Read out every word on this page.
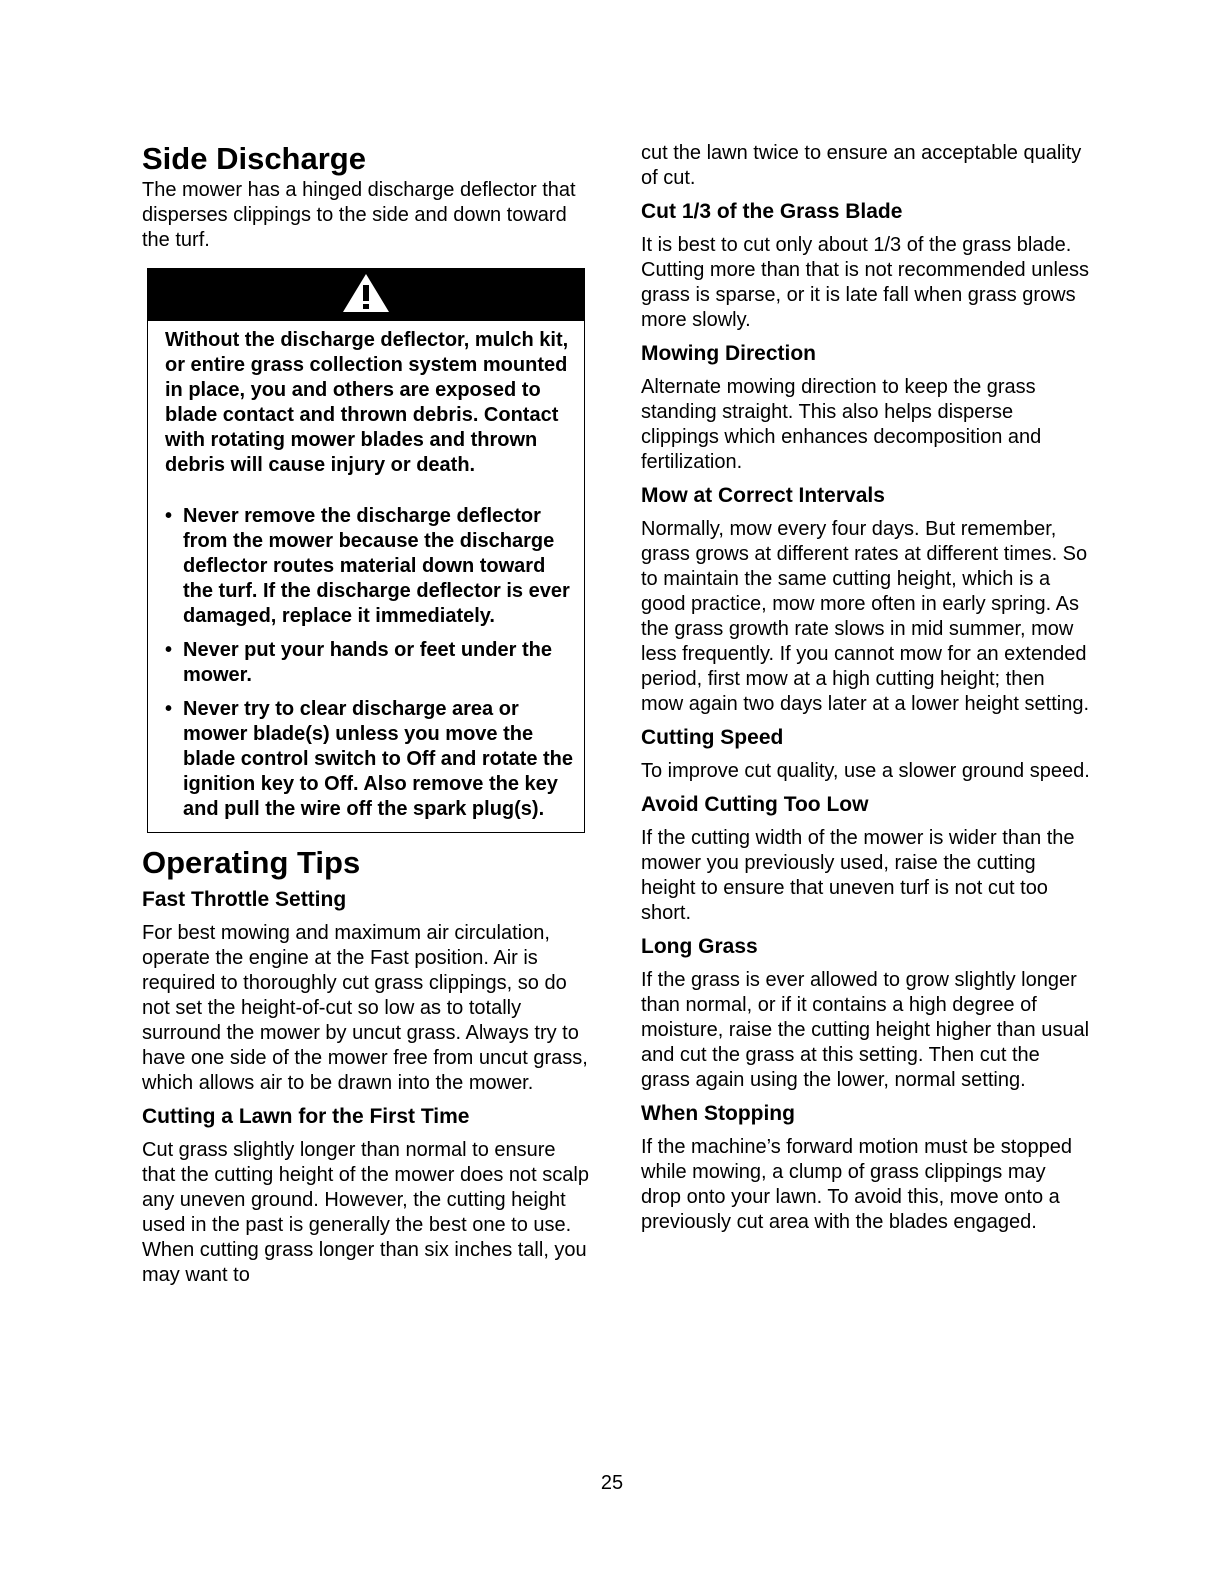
Side Discharge

The mower has a hinged discharge deflector that disperses clippings to the side and down toward the turf.

Without the discharge deflector, mulch kit, or entire grass collection system mounted in place, you and others are exposed to blade contact and thrown debris. Contact with rotating mower blades and thrown debris will cause injury or death.

• Never remove the discharge deflector from the mower because the discharge deflector routes material down toward the turf. If the discharge deflector is ever damaged, replace it immediately.
• Never put your hands or feet under the mower.
• Never try to clear discharge area or mower blade(s) unless you move the blade control switch to Off and rotate the ignition key to Off. Also remove the key and pull the wire off the spark plug(s).
Operating Tips
Fast Throttle Setting

For best mowing and maximum air circulation, operate the engine at the Fast position. Air is required to thoroughly cut grass clippings, so do not set the height-of-cut so low as to totally surround the mower by uncut grass. Always try to have one side of the mower free from uncut grass, which allows air to be drawn into the mower.

Cutting a Lawn for the First Time

Cut grass slightly longer than normal to ensure that the cutting height of the mower does not scalp any uneven ground. However, the cutting height used in the past is generally the best one to use. When cutting grass longer than six inches tall, you may want to

cut the lawn twice to ensure an acceptable quality of cut.

Cut 1/3 of the Grass Blade

It is best to cut only about 1/3 of the grass blade. Cutting more than that is not recommended unless grass is sparse, or it is late fall when grass grows more slowly.

Mowing Direction

Alternate mowing direction to keep the grass standing straight. This also helps disperse clippings which enhances decomposition and fertilization.

Mow at Correct Intervals

Normally, mow every four days. But remember, grass grows at different rates at different times. So to maintain the same cutting height, which is a good practice, mow more often in early spring. As the grass growth rate slows in mid summer, mow less frequently. If you cannot mow for an extended period, first mow at a high cutting height; then mow again two days later at a lower height setting.

Cutting Speed

To improve cut quality, use a slower ground speed.

Avoid Cutting Too Low

If the cutting width of the mower is wider than the mower you previously used, raise the cutting height to ensure that uneven turf is not cut too short.

Long Grass

If the grass is ever allowed to grow slightly longer than normal, or if it contains a high degree of moisture, raise the cutting height higher than usual and cut the grass at this setting. Then cut the grass again using the lower, normal setting.

When Stopping

If the machine’s forward motion must be stopped while mowing, a clump of grass clippings may drop onto your lawn. To avoid this, move onto a previously cut area with the blades engaged.

25
